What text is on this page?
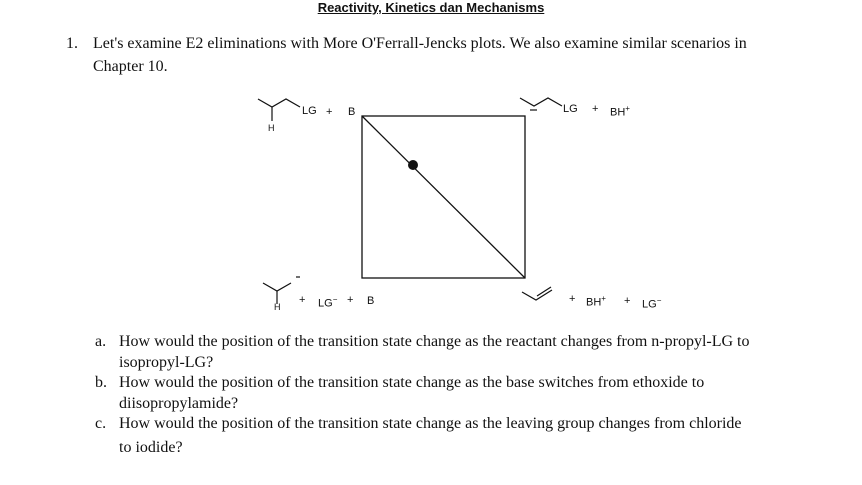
Reactivity, Kinetics dan Mechanisms
1. Let's examine E2 eliminations with More O'Ferrall-Jencks plots. We also examine similar scenarios in
Chapter 10.
LG + B
H
LG + BH+
H
+ LG− + B	+ BH+ + LG−
a. How would the position of the transition state change as the reactant changes from n-propyl-LG to
isopropyl-LG?
b. How would the position of the transition state change as the base switches from ethoxide to
diisopropylamide?
c. How would the position of the transition state change as the leaving group changes from chloride
to iodide?
